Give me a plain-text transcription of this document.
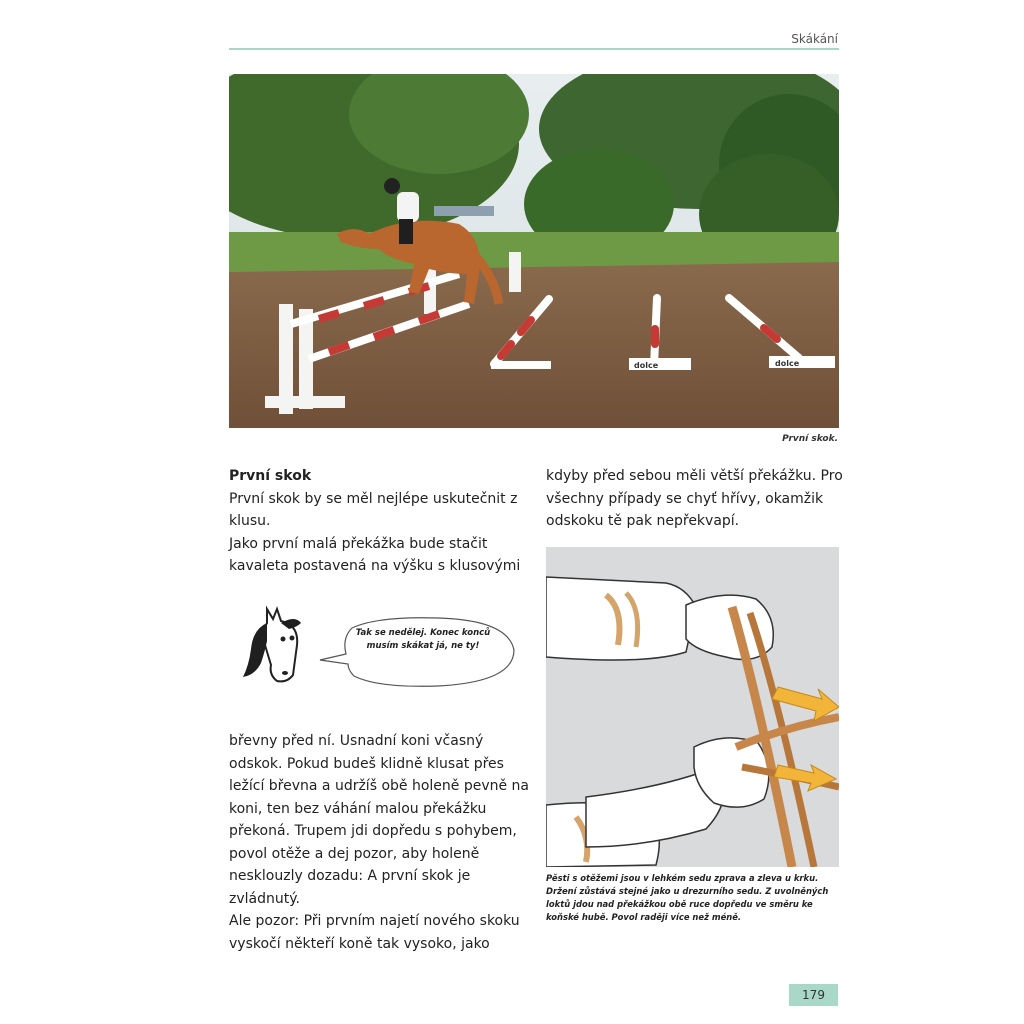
Skákání
dolce	dolce
První skok.
První skok
První skok by se měl nejlépe uskutečnit z klusu.
Jako první malá překážka bude stačit kavaleta postavená na výšku s klusovými
Tak se nedělej. Konec konců musím skákat já, ne ty!
břevny před ní. Usnadní koni včasný odskok. Pokud budeš klidně klusat přes ležící břevna a udržíš obě holeně pevně na koni, ten bez váhání malou překážku překoná. Trupem jdi dopředu s pohybem, povol otěže a dej pozor, aby holeně nesklouzly dozadu: A první skok je zvládnutý.
Ale pozor: Při prvním najetí nového skoku vyskočí někteří koně tak vysoko, jako
kdyby před sebou měli větší překážku. Pro všechny případy se chyť hřívy, okamžik odskoku tě pak nepřekvapí.
Pěsti s otěžemi jsou v lehkém sedu zprava a zleva u krku. Držení zůstává stejné jako u drezurního sedu. Z uvolněných loktů jdou nad překážkou obě ruce dopředu ve směru ke koňské hubě. Povol raději více než méně.
179
